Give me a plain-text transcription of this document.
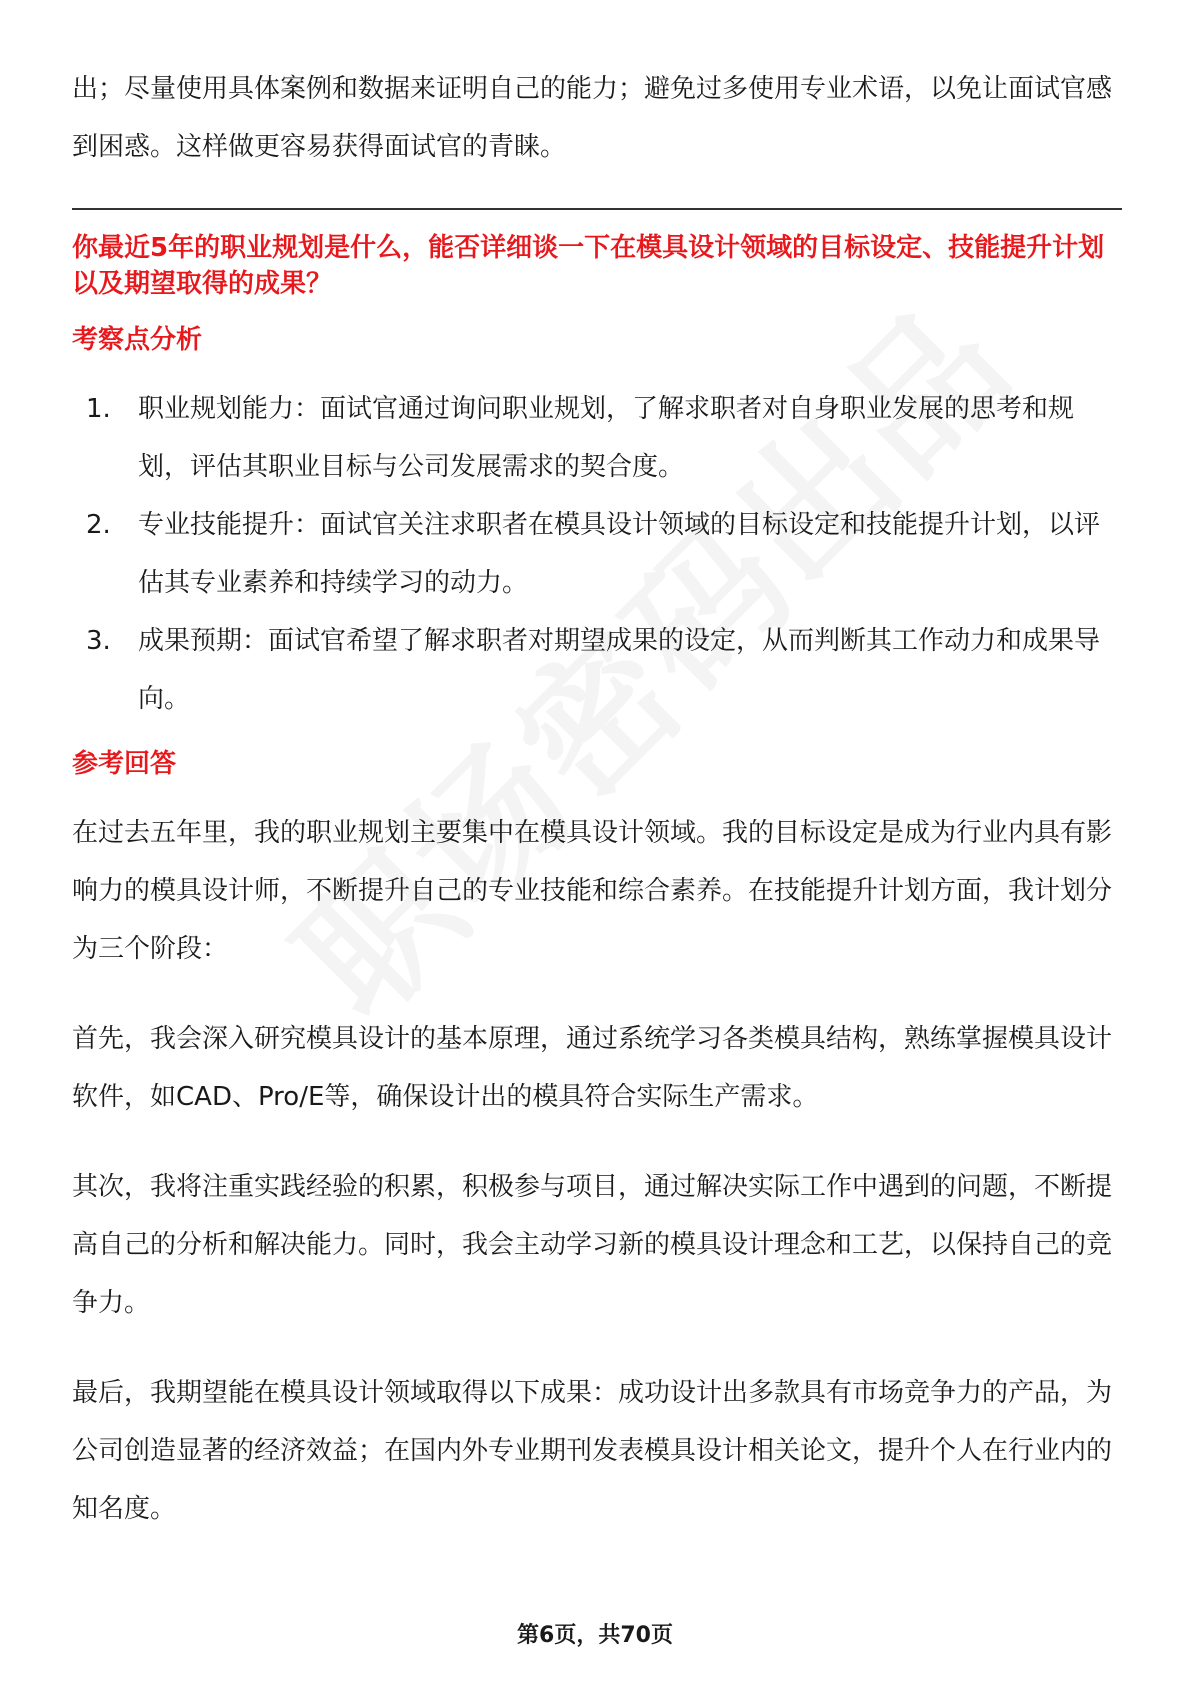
出；尽量使用具体案例和数据来证明自己的能力；避免过多使用专业术语，以免让面试官感到困惑。这样做更容易获得面试官的青睐。

你最近5年的职业规划是什么，能否详细谈一下在模具设计领域的目标设定、技能提升计划以及期望取得的成果？

考察点分析

1.	职业规划能力：面试官通过询问职业规划，了解求职者对自身职业发展的思考和规划，评估其职业目标与公司发展需求的契合度。
2.	专业技能提升：面试官关注求职者在模具设计领域的目标设定和技能提升计划，以评估其专业素养和持续学习的动力。
3.	成果预期：面试官希望了解求职者对期望成果的设定，从而判断其工作动力和成果导向。

参考回答

在过去五年里，我的职业规划主要集中在模具设计领域。我的目标设定是成为行业内具有影响力的模具设计师，不断提升自己的专业技能和综合素养。在技能提升计划方面，我计划分为三个阶段：

首先，我会深入研究模具设计的基本原理，通过系统学习各类模具结构，熟练掌握模具设计软件，如CAD、Pro/E等，确保设计出的模具符合实际生产需求。

其次，我将注重实践经验的积累，积极参与项目，通过解决实际工作中遇到的问题，不断提高自己的分析和解决能力。同时，我会主动学习新的模具设计理念和工艺，以保持自己的竞争力。

最后，我期望能在模具设计领域取得以下成果：成功设计出多款具有市场竞争力的产品，为公司创造显著的经济效益；在国内外专业期刊发表模具设计相关论文，提升个人在行业内的知名度。

第6页，共70页
